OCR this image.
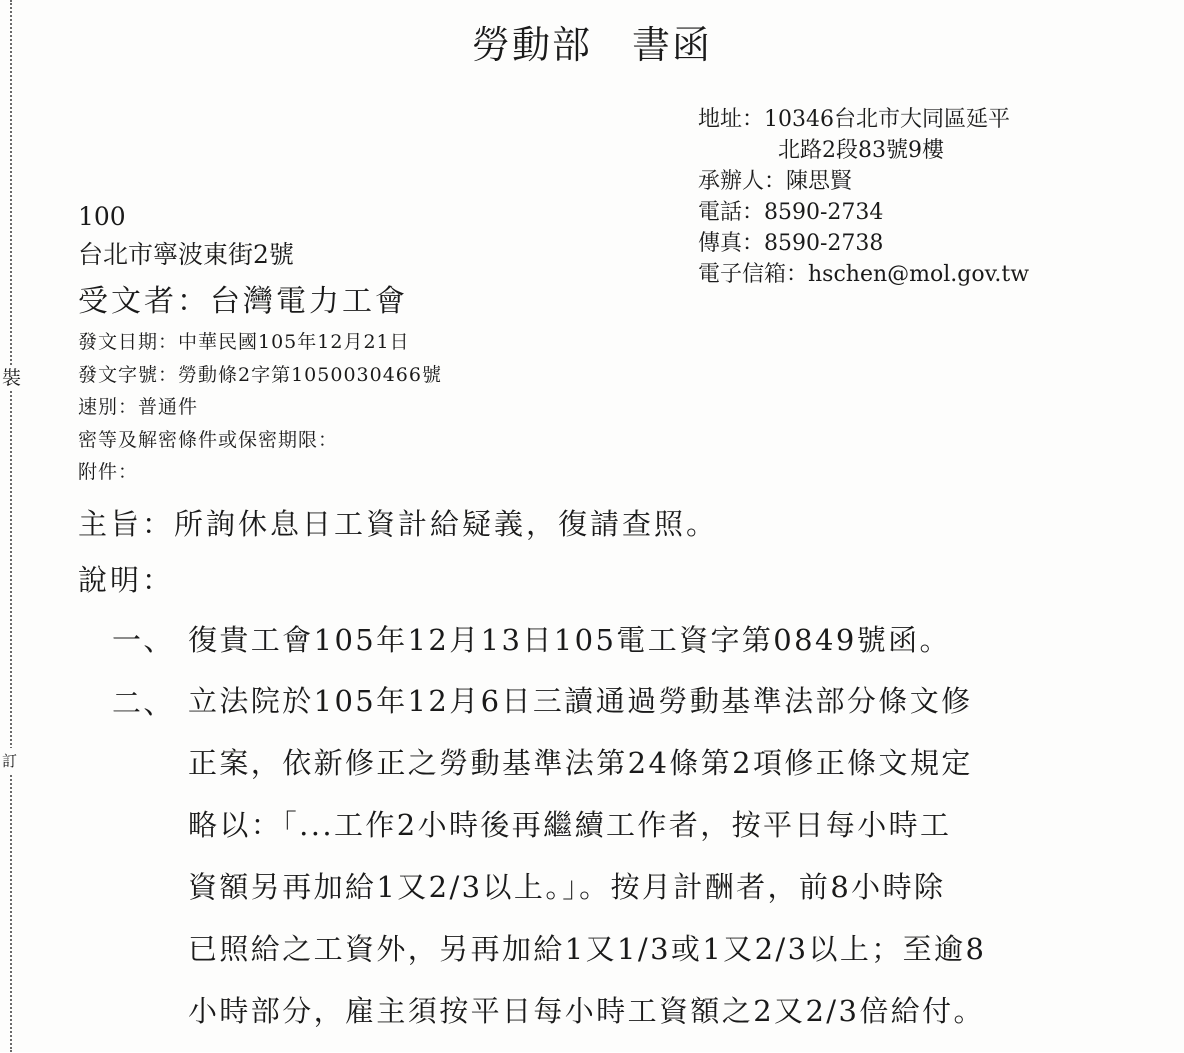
裝
訂
勞動部　書函
地址：10346台北市大同區延平
北路2段83號9樓
承辦人：陳思賢
電話：8590-2734
傳真：8590-2738
電子信箱：hschen@mol.gov.tw
100
台北市寧波東街2號
受文者：台灣電力工會
發文日期：中華民國105年12月21日
發文字號：勞動條2字第1050030466號
速別：普通件
密等及解密條件或保密期限：
附件：
主旨：所詢休息日工資計給疑義，復請查照。
說明：
一、 復貴工會105年12月13日105電工資字第0849號函。
二、 立法院於105年12月6日三讀通過勞動基準法部分條文修
正案，依新修正之勞動基準法第24條第2項修正條文規定
略以：「...工作2小時後再繼續工作者，按平日每小時工
資額另再加給1又2/3以上。」。按月計酬者，前8小時除
已照給之工資外，另再加給1又1/3或1又2/3以上；至逾8
小時部分，雇主須按平日每小時工資額之2又2/3倍給付。
